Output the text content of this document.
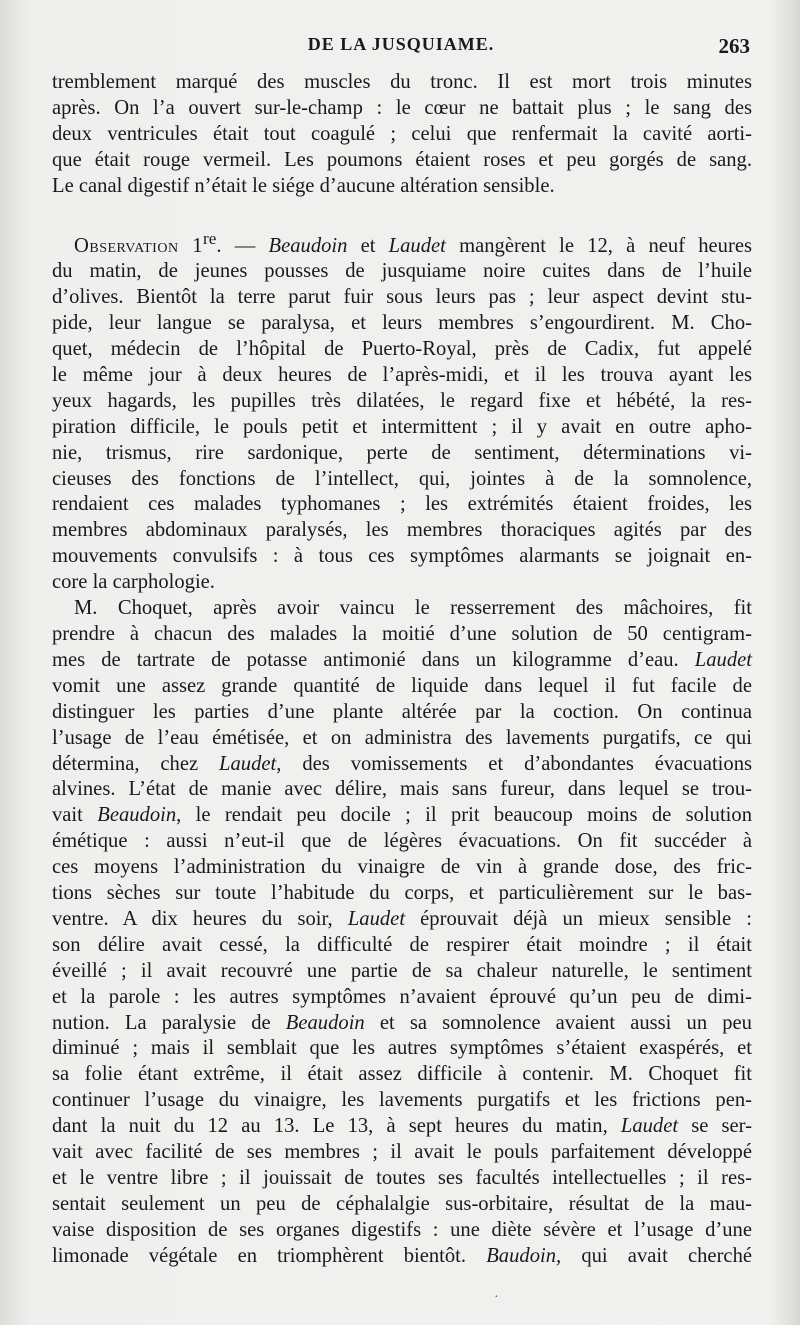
DE LA JUSQUIAME.	263
tremblement marqué des muscles du tronc. Il est mort trois minutes
après. On l’a ouvert sur-le-champ : le cœur ne battait plus ; le sang des
deux ventricules était tout coagulé ; celui que renfermait la cavité aorti-
que était rouge vermeil. Les poumons étaient roses et peu gorgés de sang.
Le canal digestif n’était le siége d’aucune altération sensible.
Observation 1re. — Beaudoin et Laudet mangèrent le 12, à neuf heures
du matin, de jeunes pousses de jusquiame noire cuites dans de l’huile
d’olives. Bientôt la terre parut fuir sous leurs pas ; leur aspect devint stu-
pide, leur langue se paralysa, et leurs membres s’engourdirent. M. Cho-
quet, médecin de l’hôpital de Puerto-Royal, près de Cadix, fut appelé
le même jour à deux heures de l’après-midi, et il les trouva ayant les
yeux hagards, les pupilles très dilatées, le regard fixe et hébété, la res-
piration difficile, le pouls petit et intermittent ; il y avait en outre apho-
nie, trismus, rire sardonique, perte de sentiment, déterminations vi-
cieuses des fonctions de l’intellect, qui, jointes à de la somnolence,
rendaient ces malades typhomanes ; les extrémités étaient froides, les
membres abdominaux paralysés, les membres thoraciques agités par des
mouvements convulsifs : à tous ces symptômes alarmants se joignait en-
core la carphologie.
M. Choquet, après avoir vaincu le resserrement des mâchoires, fit
prendre à chacun des malades la moitié d’une solution de 50 centigram-
mes de tartrate de potasse antimonié dans un kilogramme d’eau. Laudet
vomit une assez grande quantité de liquide dans lequel il fut facile de
distinguer les parties d’une plante altérée par la coction. On continua
l’usage de l’eau émétisée, et on administra des lavements purgatifs, ce qui
détermina, chez Laudet, des vomissements et d’abondantes évacuations
alvines. L’état de manie avec délire, mais sans fureur, dans lequel se trou-
vait Beaudoin, le rendait peu docile ; il prit beaucoup moins de solution
émétique : aussi n’eut-il que de légères évacuations. On fit succéder à
ces moyens l’administration du vinaigre de vin à grande dose, des fric-
tions sèches sur toute l’habitude du corps, et particulièrement sur le bas-
ventre. A dix heures du soir, Laudet éprouvait déjà un mieux sensible :
son délire avait cessé, la difficulté de respirer était moindre ; il était
éveillé ; il avait recouvré une partie de sa chaleur naturelle, le sentiment
et la parole : les autres symptômes n’avaient éprouvé qu’un peu de dimi-
nution. La paralysie de Beaudoin et sa somnolence avaient aussi un peu
diminué ; mais il semblait que les autres symptômes s’étaient exaspérés, et
sa folie étant extrême, il était assez difficile à contenir. M. Choquet fit
continuer l’usage du vinaigre, les lavements purgatifs et les frictions pen-
dant la nuit du 12 au 13. Le 13, à sept heures du matin, Laudet se ser-
vait avec facilité de ses membres ; il avait le pouls parfaitement développé
et le ventre libre ; il jouissait de toutes ses facultés intellectuelles ; il res-
sentait seulement un peu de céphalalgie sus-orbitaire, résultat de la mau-
vaise disposition de ses organes digestifs : une diète sévère et l’usage d’une
limonade végétale en triomphèrent bientôt. Baudoin, qui avait cherché
·
